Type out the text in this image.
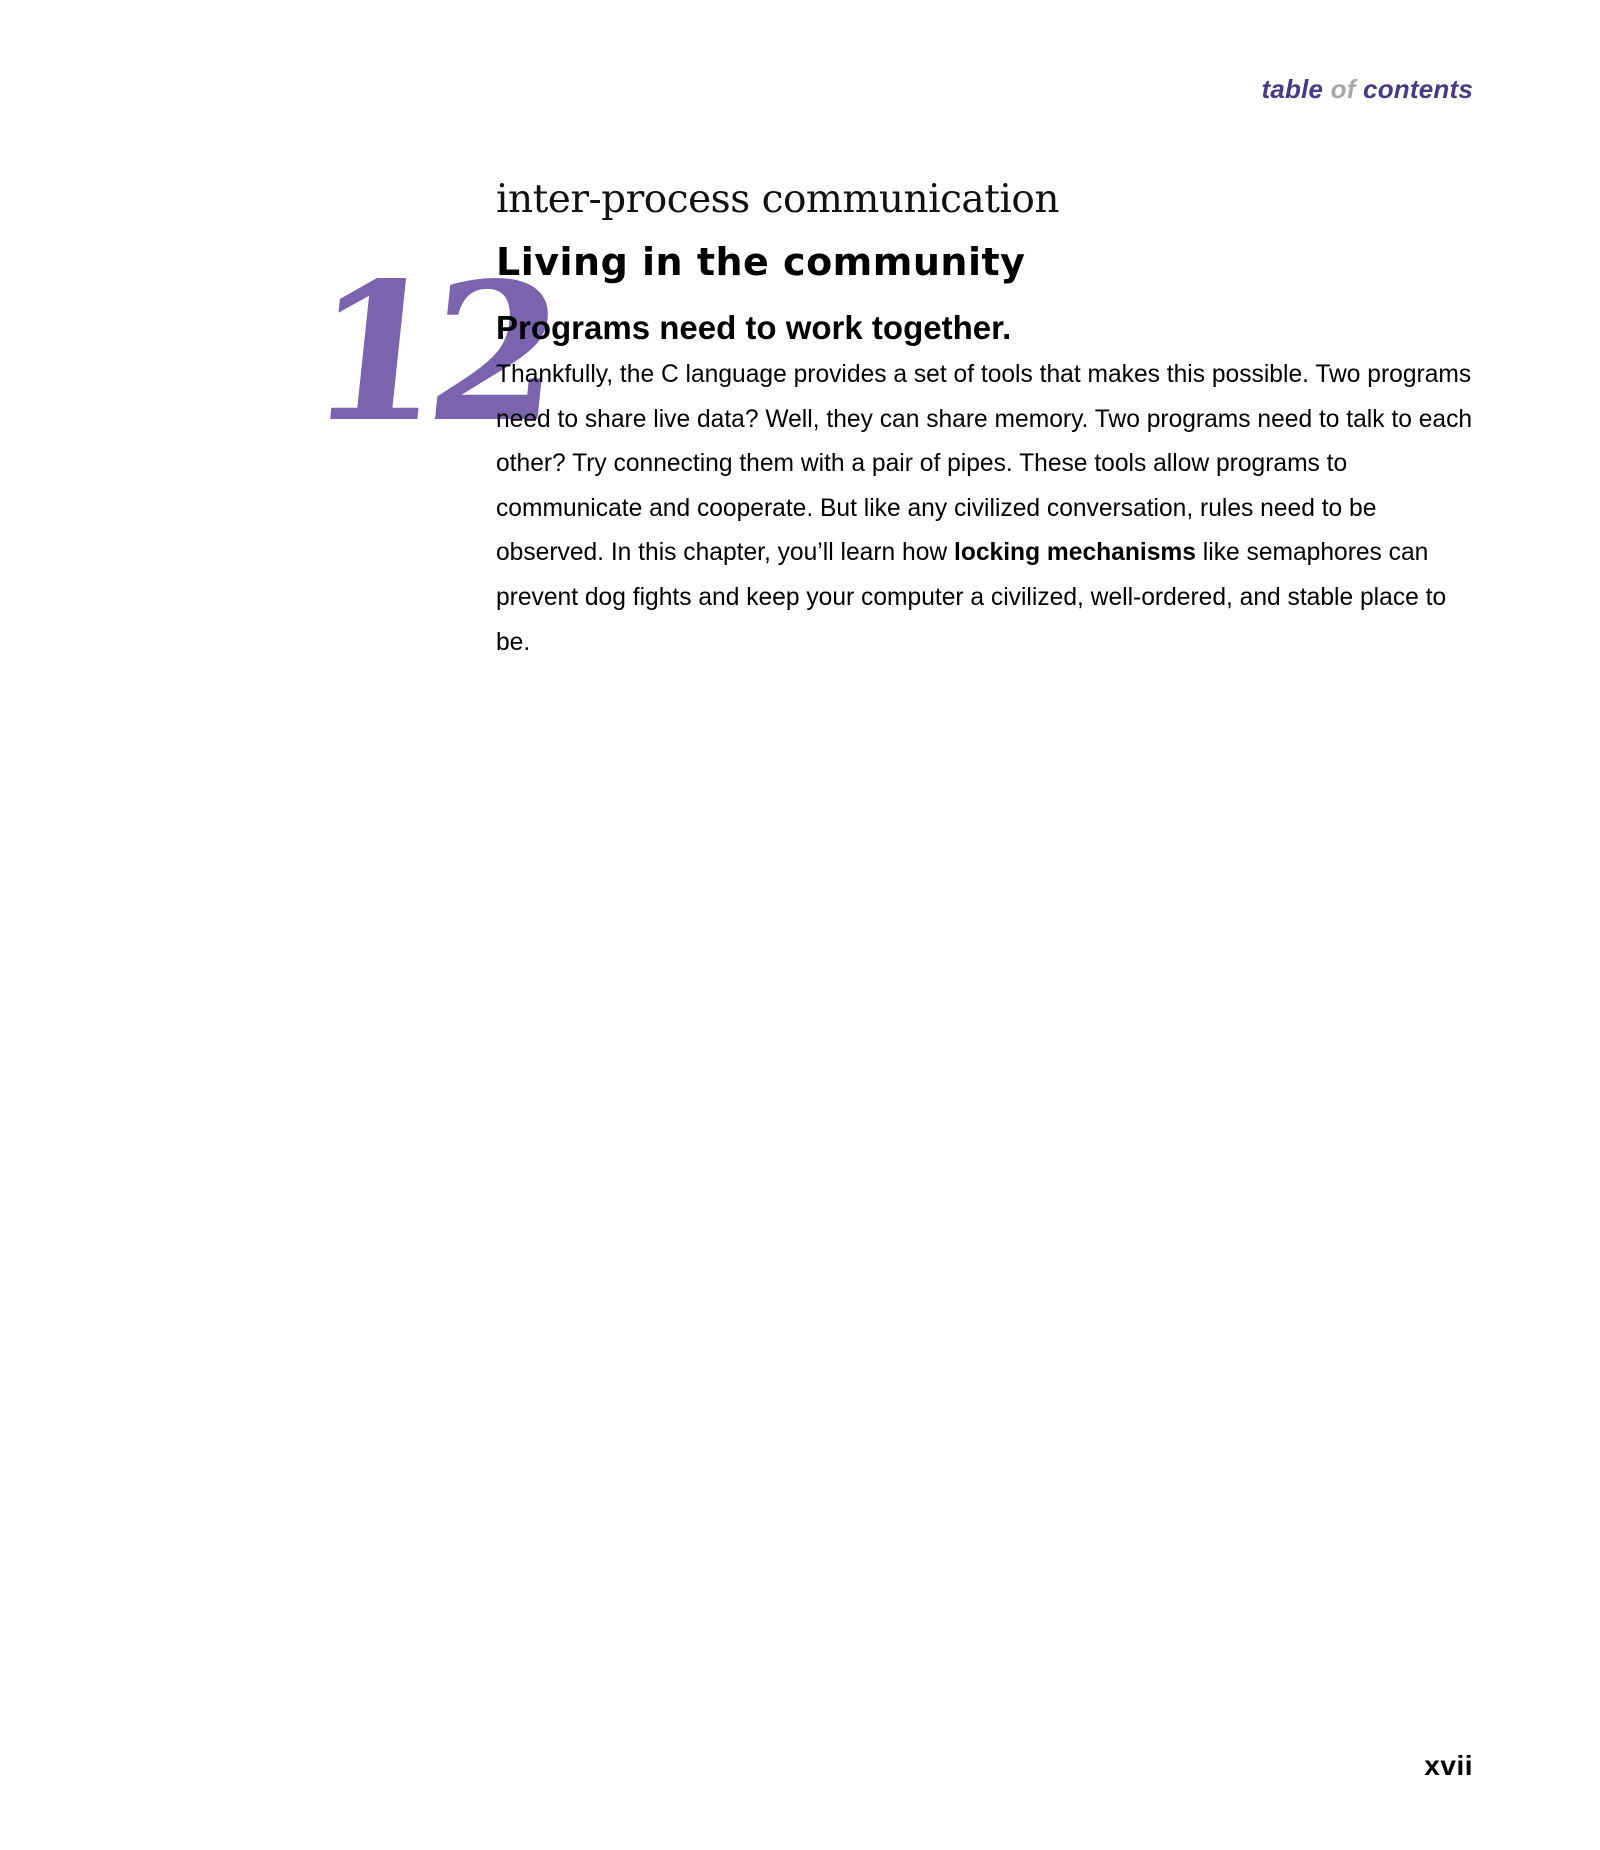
table of contents
12
inter-process communication
Living in the community
Programs need to work together.
Thankfully, the C language provides a set of tools that makes this possible. Two programs need to share live data? Well, they can share memory. Two programs need to talk to each other? Try connecting them with a pair of pipes. These tools allow programs to communicate and cooperate. But like any civilized conversation, rules need to be observed. In this chapter, you’ll learn how locking mechanisms like semaphores can prevent dog fights and keep your computer a civilized, well-ordered, and stable place to be.
xvii
